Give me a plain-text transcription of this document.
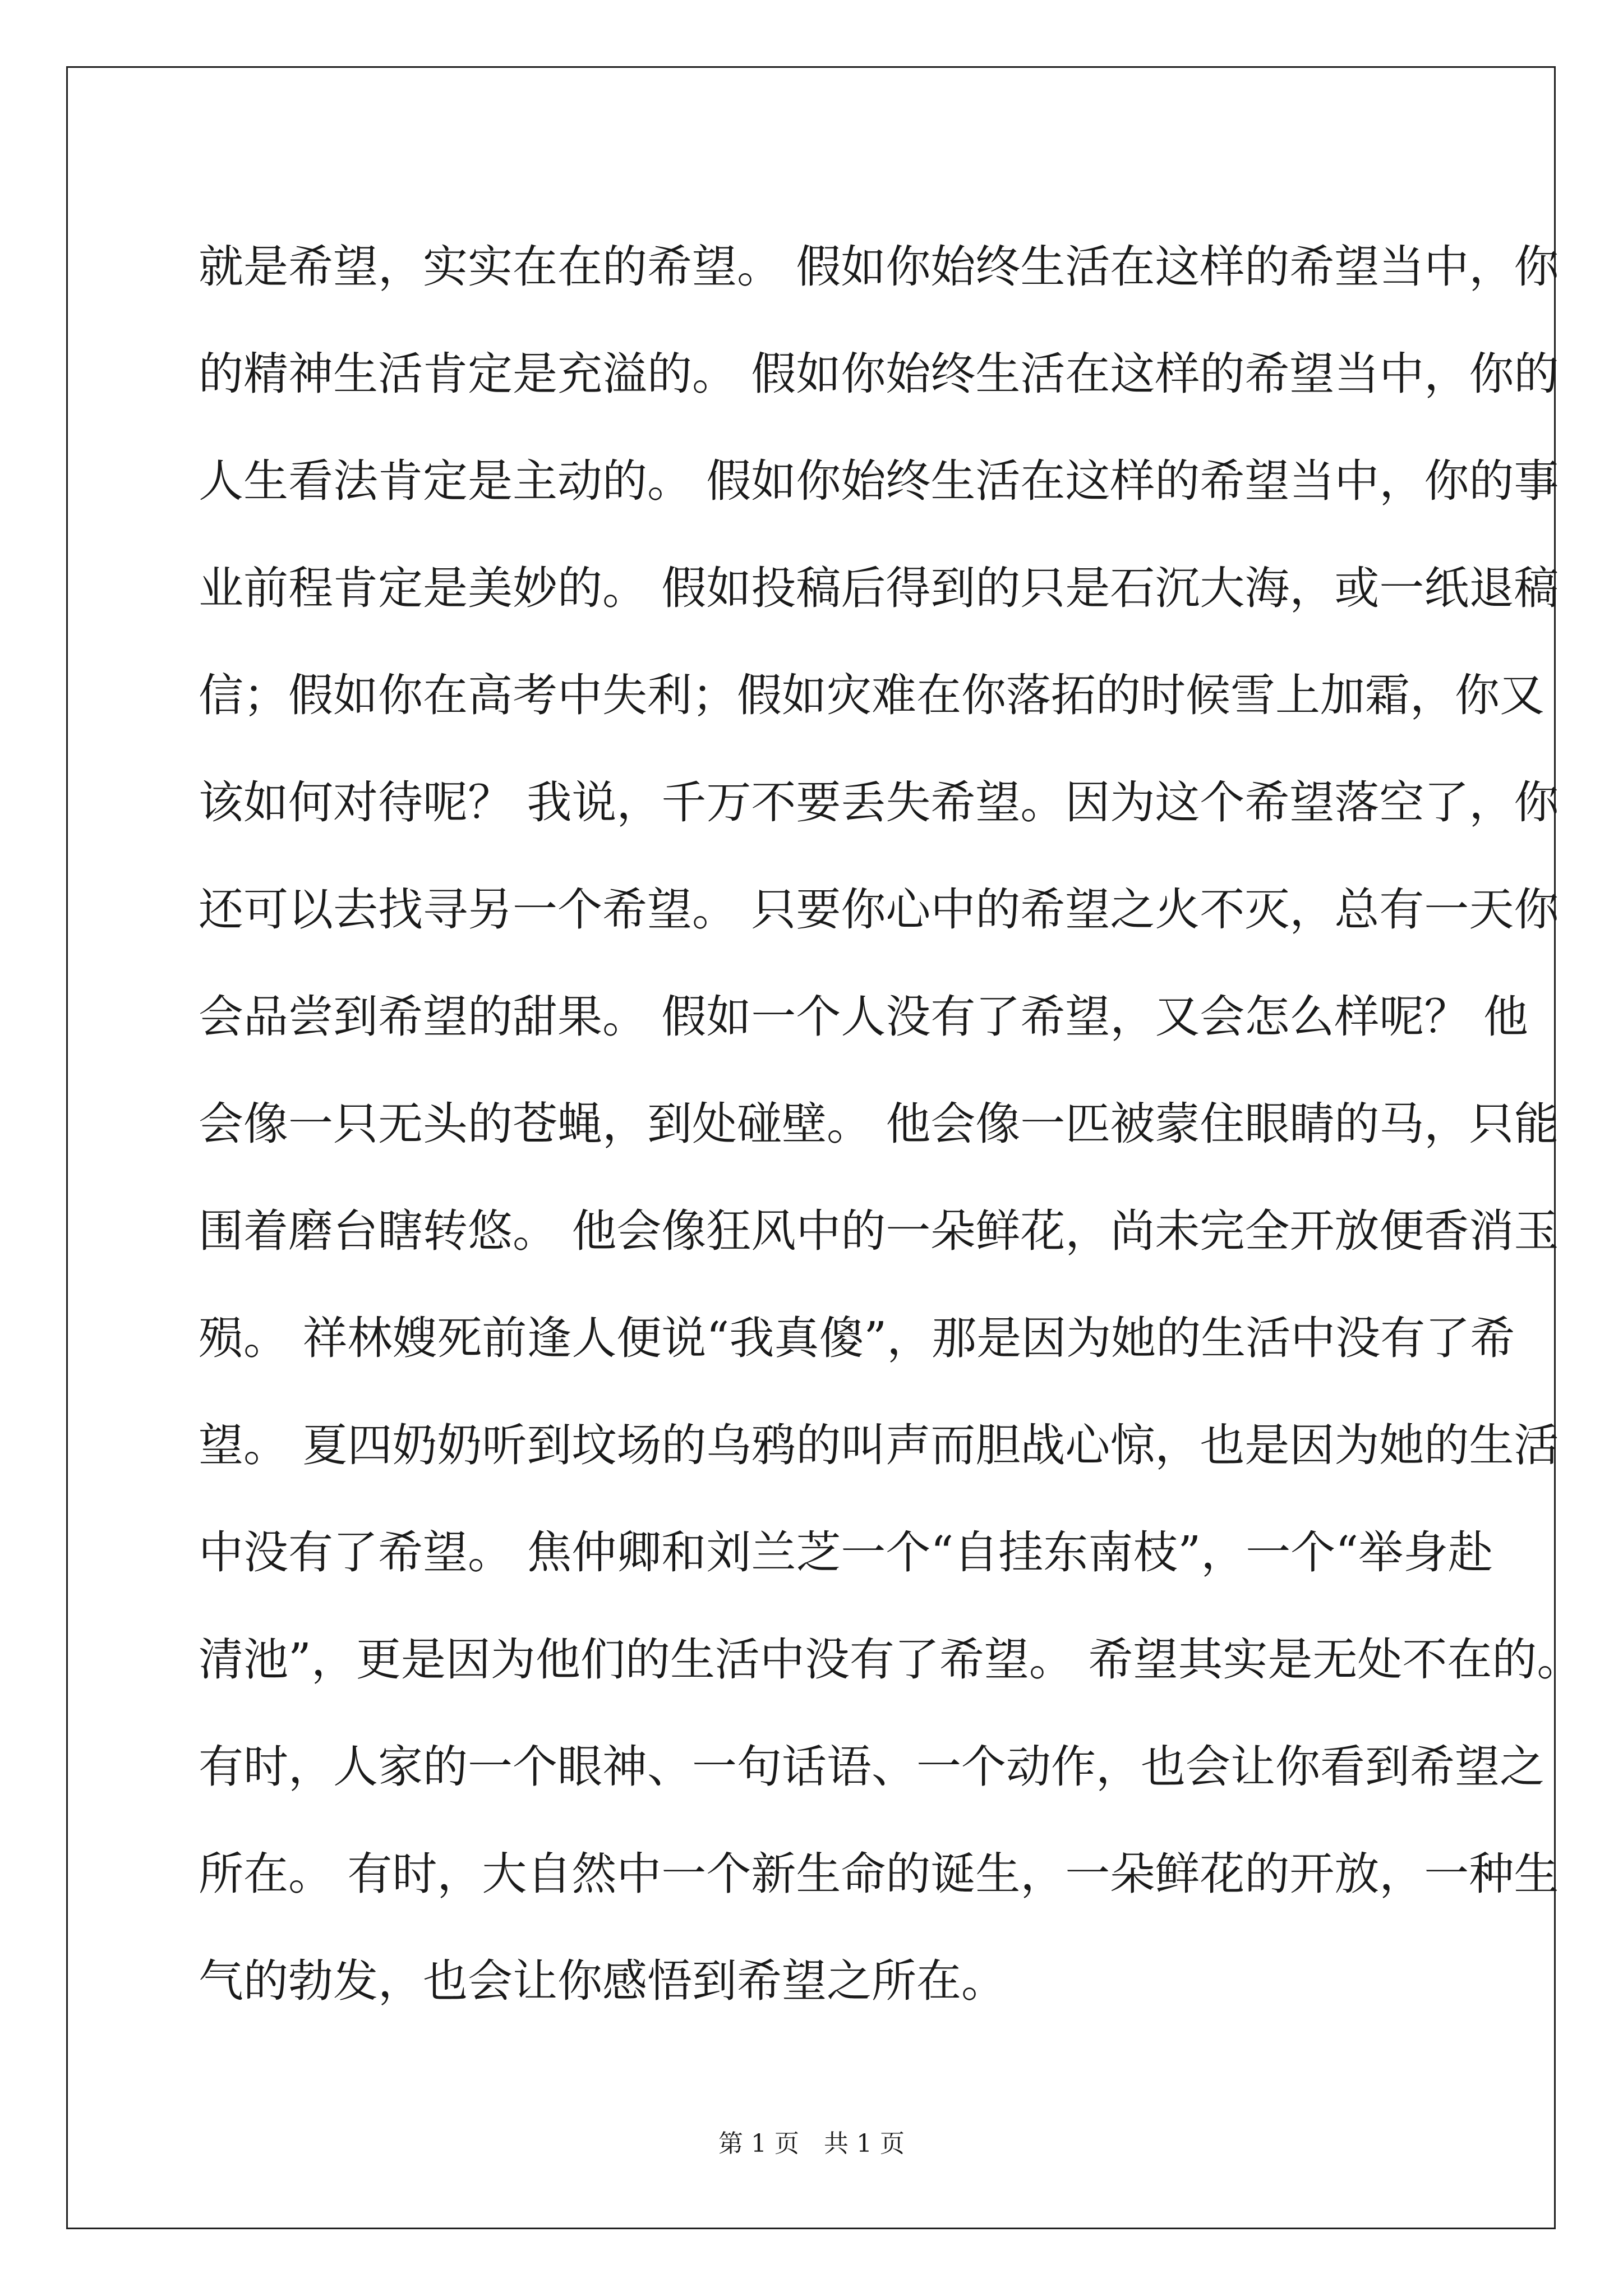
就是希望，实实在在的希望。 假如你始终生活在这样的希望当中，你
的精神生活肯定是充溢的。 假如你始终生活在这样的希望当中，你的
人生看法肯定是主动的。 假如你始终生活在这样的希望当中，你的事
业前程肯定是美妙的。 假如投稿后得到的只是石沉大海，或一纸退稿
信；假如你在高考中失利；假如灾难在你落拓的时候雪上加霜，你又
该如何对待呢？ 我说，千万不要丢失希望。因为这个希望落空了，你
还可以去找寻另一个希望。 只要你心中的希望之火不灭，总有一天你
会品尝到希望的甜果。 假如一个人没有了希望，又会怎么样呢？ 他
会像一只无头的苍蝇，到处碰壁。 他会像一匹被蒙住眼睛的马，只能
围着磨台瞎转悠。 他会像狂风中的一朵鲜花，尚未完全开放便香消玉
殒。 祥林嫂死前逢人便说“我真傻”，那是因为她的生活中没有了希
望。 夏四奶奶听到坟场的乌鸦的叫声而胆战心惊，也是因为她的生活
中没有了希望。 焦仲卿和刘兰芝一个“自挂东南枝”，一个“举身赴
清池”，更是因为他们的生活中没有了希望。 希望其实是无处不在的。
有时，人家的一个眼神、一句话语、一个动作，也会让你看到希望之
所在。 有时，大自然中一个新生命的诞生，一朵鲜花的开放，一种生
气的勃发，也会让你感悟到希望之所在。
第 1 页 共 1 页
